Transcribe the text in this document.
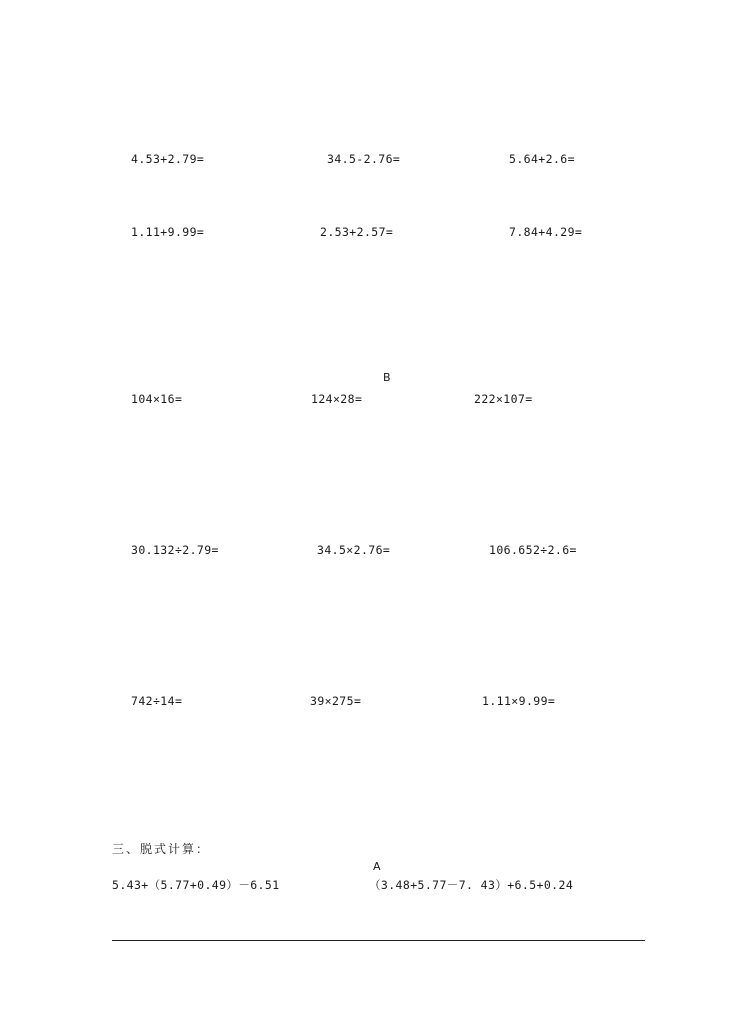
4.53+2.79=	34.5-2.76=	5.64+2.6=
1.11+9.99=	2.53+2.57=	7.84+4.29=
B
104×16=	124×28=	222×107=
30.132÷2.79=	34.5×2.76=	106.652÷2.6=
742÷14=	39×275=	1.11×9.99=
三、脱式计算：
A
5.43+（5.77+0.49）－6.51	（3.48+5.77－7. 43）+6.5+0.24
